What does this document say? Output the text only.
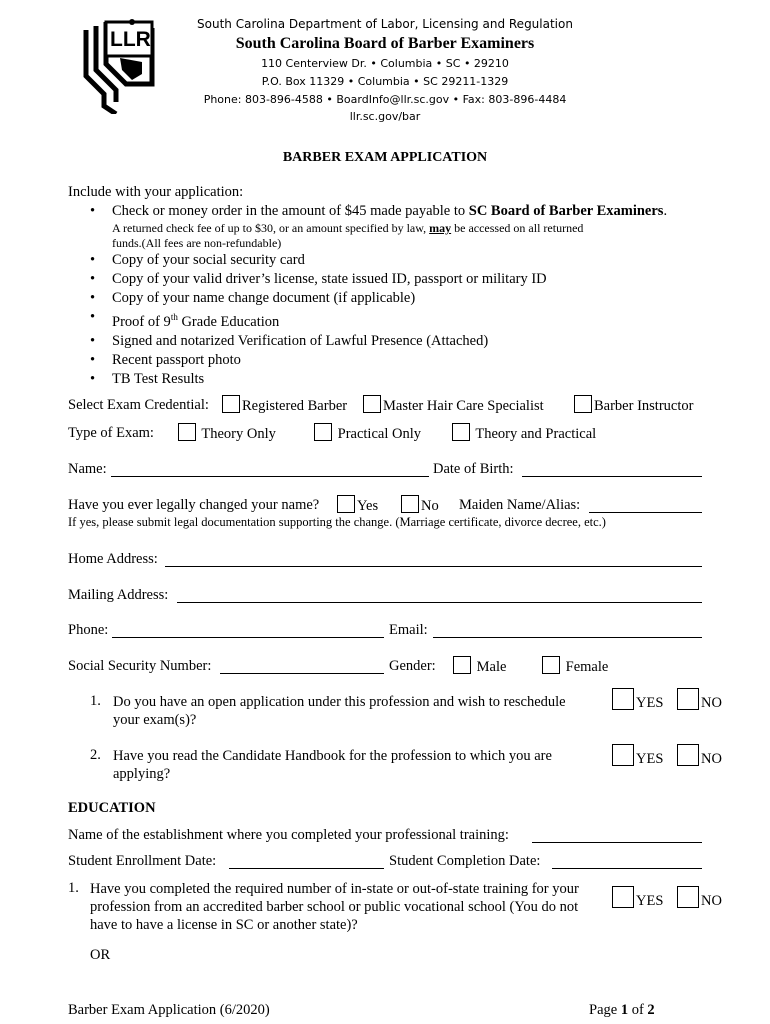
LLR
South Carolina Department of Labor, Licensing and Regulation
South Carolina Board of Barber Examiners
110 Centerview Dr. • Columbia • SC • 29210
P.O. Box 11329 • Columbia • SC 29211-1329
Phone: 803-896-4588 • BoardInfo@llr.sc.gov • Fax: 803-896-4484
llr.sc.gov/bar
BARBER EXAM APPLICATION
Include with your application:
• Check or money order in the amount of $45 made payable to SC Board of Barber Examiners.
A returned check fee of up to $30, or an amount specified by law, may be accessed on all returned
funds.(All fees are non-refundable)
• Copy of your social security card
• Copy of your valid driver’s license, state issued ID, passport or military ID
• Copy of your name change document (if applicable)
• Proof of 9th Grade Education
• Signed and notarized Verification of Lawful Presence (Attached)
• Recent passport photo
• TB Test Results
Select Exam Credential:	Registered Barber	Master Hair Care Specialist	Barber Instructor
Type of Exam:	Theory Only	Practical Only	Theory and Practical
Name:	Date of Birth:
Have you ever legally changed your name?	Yes	No Maiden Name/Alias:
If yes, please submit legal documentation supporting the change. (Marriage certificate, divorce decree, etc.)
Home Address:
Mailing Address:
Phone:	Email:
Social Security Number:	Gender:	Male	Female
1. Do you have an open application under this profession and wish to reschedule your exam(s)?
YES	NO
2. Have you read the Candidate Handbook for the profession to which you are applying?
YES	NO
EDUCATION
Name of the establishment where you completed your professional training:
Student Enrollment Date:	Student Completion Date:
1. Have you completed the required number of in-state or out-of-state training for your profession from an accredited barber school or public vocational school (You do not have to have a license in SC or another state)?
YES	NO
OR
Barber Exam Application (6/2020)	Page 1 of 2
